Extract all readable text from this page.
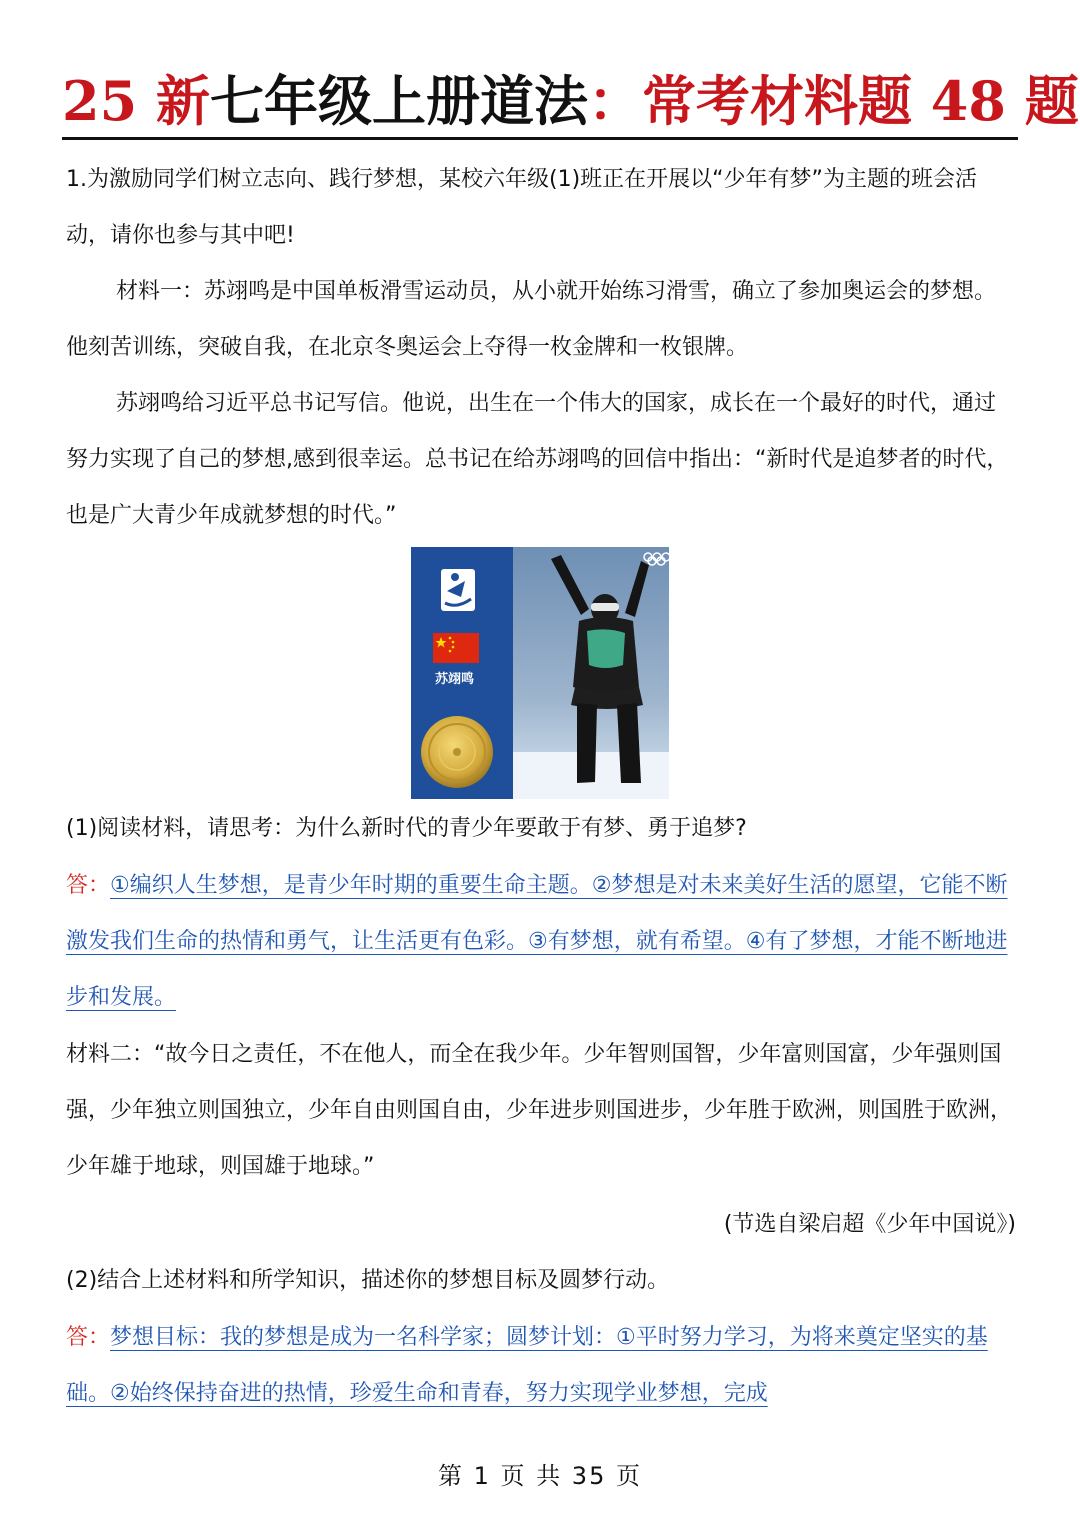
25 新七年级上册道法：常考材料题 48 题
1.为激励同学们树立志向、践行梦想，某校六年级(1)班正在开展以“少年有梦”为主题的班会活动，请你也参与其中吧!
材料一：苏翊鸣是中国单板滑雪运动员，从小就开始练习滑雪，确立了参加奥运会的梦想。他刻苦训练，突破自我，在北京冬奥运会上夺得一枚金牌和一枚银牌。
苏翊鸣给习近平总书记写信。他说，出生在一个伟大的国家，成长在一个最好的时代，通过努力实现了自己的梦想,感到很幸运。总书记在给苏翊鸣的回信中指出：“新时代是追梦者的时代，也是广大青少年成就梦想的时代。”
苏翊鸣
(1)阅读材料，请思考：为什么新时代的青少年要敢于有梦、勇于追梦?
答：①编织人生梦想，是青少年时期的重要生命主题。②梦想是对未来美好生活的愿望，它能不断激发我们生命的热情和勇气，让生活更有色彩。③有梦想，就有希望。④有了梦想，才能不断地进步和发展。
材料二：“故今日之责任，不在他人，而全在我少年。少年智则国智，少年富则国富，少年强则国强，少年独立则国独立，少年自由则国自由，少年进步则国进步，少年胜于欧洲，则国胜于欧洲，少年雄于地球，则国雄于地球。”
(节选自梁启超《少年中国说》)
(2)结合上述材料和所学知识，描述你的梦想目标及圆梦行动。
答：梦想目标：我的梦想是成为一名科学家；圆梦计划：①平时努力学习，为将来奠定坚实的基础。②始终保持奋进的热情，珍爱生命和青春，努力实现学业梦想，完成
第 1 页 共 35 页
